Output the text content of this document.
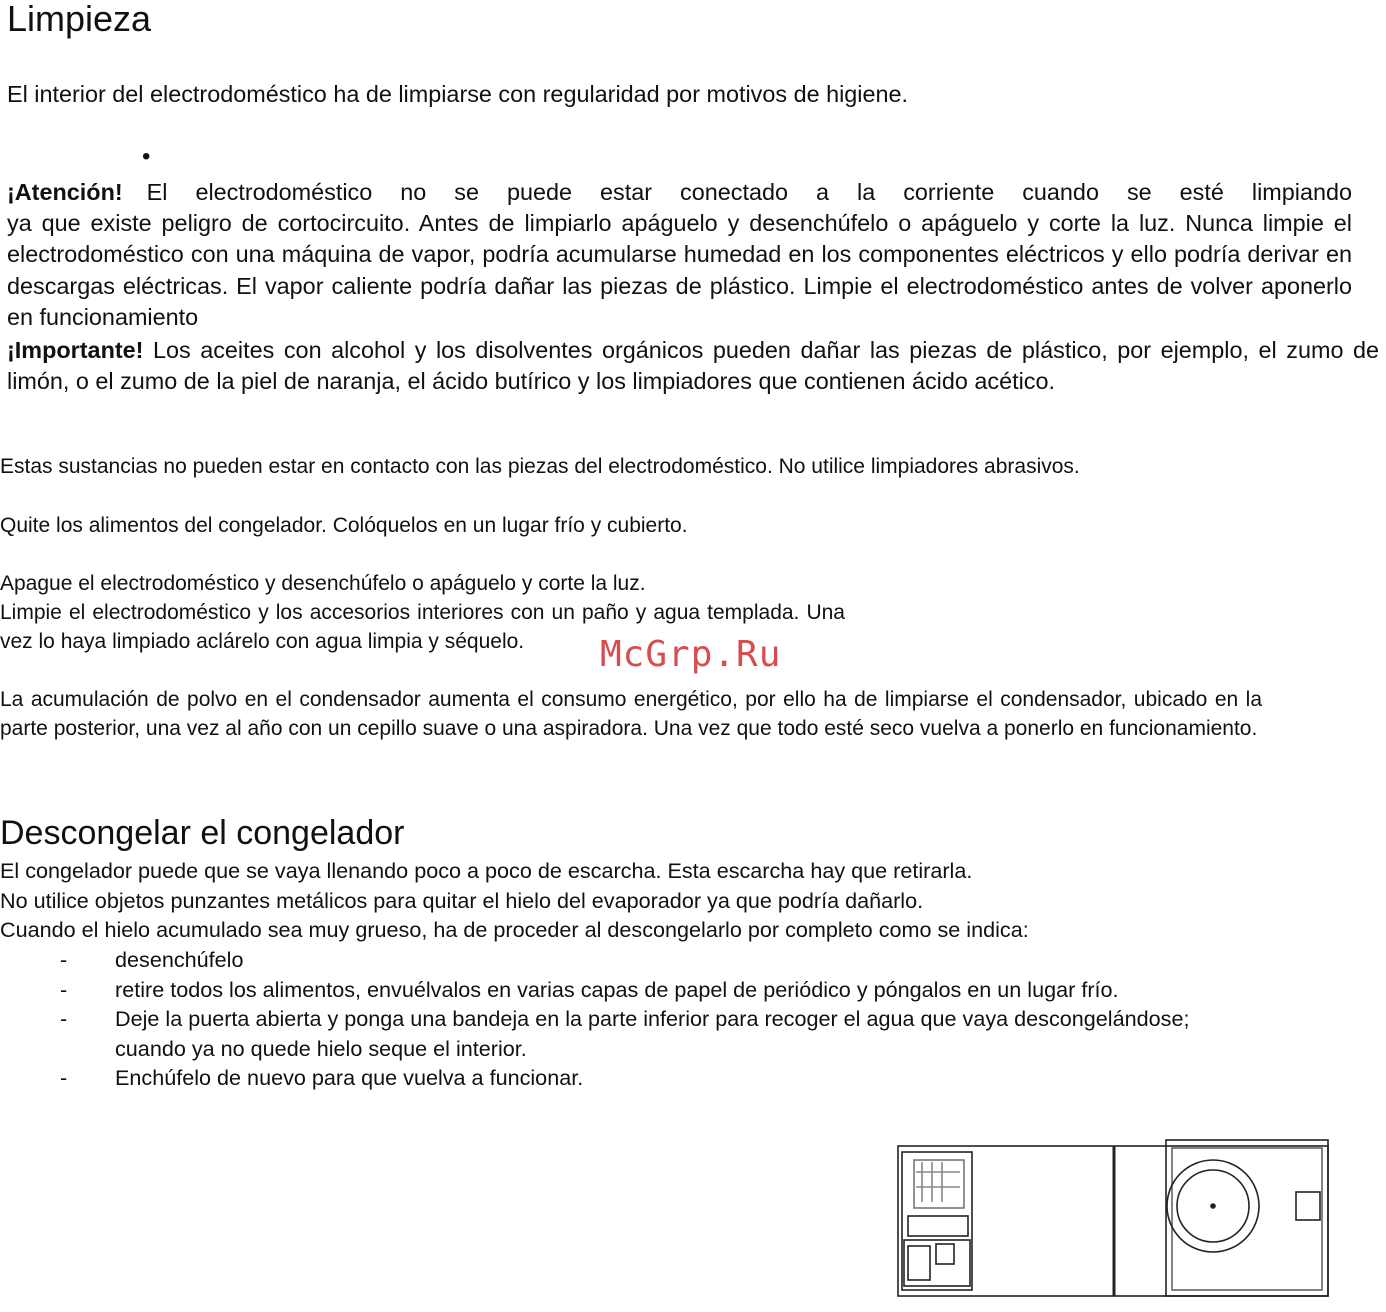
Limpieza

El interior del electrodoméstico ha de limpiarse con regularidad por motivos de higiene.

•
¡Atención! El electrodoméstico no se puede estar conectado a la corriente cuando se esté limpiando
ya que existe peligro de cortocircuito. Antes de limpiarlo apáguelo y desenchúfelo o apáguelo y corte la luz. Nunca limpie el electrodoméstico con una máquina de vapor, podría acumularse humedad en los componentes eléctricos y ello podría derivar en descargas eléctricas. El vapor caliente podría dañar las piezas de plástico. Limpie el electrodoméstico antes de volver aponerlo en funcionamiento
¡Importante! Los aceites con alcohol y los disolventes orgánicos pueden dañar las piezas de plástico, por ejemplo, el zumo de limón, o el zumo de la piel de naranja, el ácido butírico y los limpiadores que contienen ácido acético.

Estas sustancias no pueden estar en contacto con las piezas del electrodoméstico. No utilice limpiadores abrasivos.

Quite los alimentos del congelador. Colóquelos en un lugar frío y cubierto.

Apague el electrodoméstico y desenchúfelo o apáguelo y corte la luz.

Limpie el electrodoméstico y los accesorios interiores con un paño y agua templada. Una vez lo haya limpiado aclárelo con agua limpia y séquelo.

La acumulación de polvo en el condensador aumenta el consumo energético, por ello ha de limpiarse el condensador, ubicado en la parte posterior, una vez al año con un cepillo suave o una aspiradora. Una vez que todo esté seco vuelva a ponerlo en funcionamiento.

Descongelar el congelador
El congelador puede que se vaya llenando poco a poco de escarcha. Esta escarcha hay que retirarla.
No utilice objetos punzantes metálicos para quitar el hielo del evaporador ya que podría dañarlo.
Cuando el hielo acumulado sea muy grueso, ha de proceder al descongelarlo por completo como se indica:
- desenchúfelo
- retire todos los alimentos, envuélvalos en varias capas de papel de periódico y póngalos en un lugar frío.
- Deje la puerta abierta y ponga una bandeja en la parte inferior para recoger el agua que vaya descongelándose; cuando ya no quede hielo seque el interior.
- Enchúfelo de nuevo para que vuelva a funcionar.
McGrp.Ru
